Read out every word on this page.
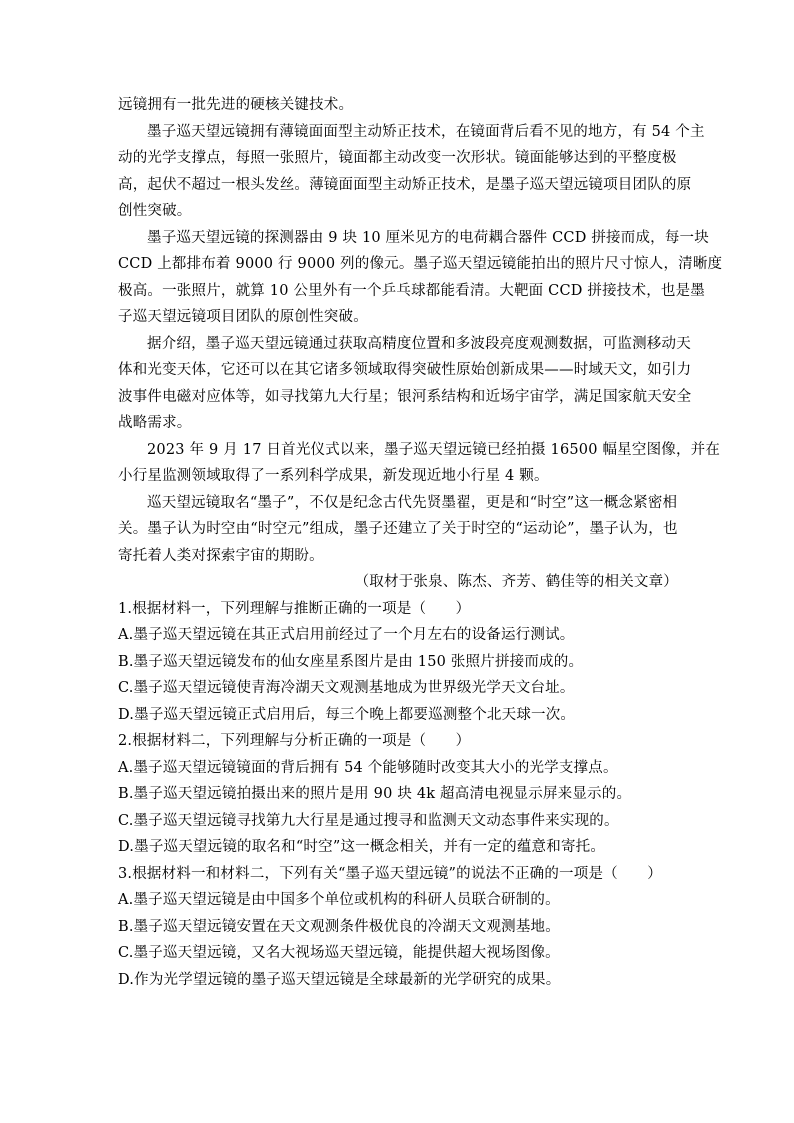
远镜拥有一批先进的硬核关键技术。
墨子巡天望远镜拥有薄镜面面型主动矫正技术，在镜面背后看不见的地方，有 54 个主
动的光学支撑点，每照一张照片，镜面都主动改变一次形状。镜面能够达到的平整度极
高，起伏不超过一根头发丝。薄镜面面型主动矫正技术，是墨子巡天望远镜项目团队的原
创性突破。
墨子巡天望远镜的探测器由 9 块 10 厘米见方的电荷耦合器件 CCD 拼接而成，每一块
CCD 上都排布着 9000 行 9000 列的像元。墨子巡天望远镜能拍出的照片尺寸惊人，清晰度
极高。一张照片，就算 10 公里外有一个乒乓球都能看清。大靶面 CCD 拼接技术，也是墨
子巡天望远镜项目团队的原创性突破。
据介绍，墨子巡天望远镜通过获取高精度位置和多波段亮度观测数据，可监测移动天
体和光变天体，它还可以在其它诸多领域取得突破性原始创新成果——时域天文，如引力
波事件电磁对应体等，如寻找第九大行星；银河系结构和近场宇宙学，满足国家航天安全
战略需求。
2023 年 9 月 17 日首光仪式以来，墨子巡天望远镜已经拍摄 16500 幅星空图像，并在
小行星监测领域取得了一系列科学成果，新发现近地小行星 4 颗。
巡天望远镜取名“墨子”，不仅是纪念古代先贤墨翟，更是和“时空”这一概念紧密相
关。墨子认为时空由“时空元”组成，墨子还建立了关于时空的“运动论”，墨子认为，也
寄托着人类对探索宇宙的期盼。
（取材于张泉、陈杰、齐芳、鹤佳等的相关文章）
1.根据材料一，下列理解与推断正确的一项是（　　）
A.墨子巡天望远镜在其正式启用前经过了一个月左右的设备运行测试。
B.墨子巡天望远镜发布的仙女座星系图片是由 150 张照片拼接而成的。
C.墨子巡天望远镜使青海冷湖天文观测基地成为世界级光学天文台址。
D.墨子巡天望远镜正式启用后，每三个晚上都要巡测整个北天球一次。
2.根据材料二，下列理解与分析正确的一项是（　　）
A.墨子巡天望远镜镜面的背后拥有 54 个能够随时改变其大小的光学支撑点。
B.墨子巡天望远镜拍摄出来的照片是用 90 块 4k 超高清电视显示屏来显示的。
C.墨子巡天望远镜寻找第九大行星是通过搜寻和监测天文动态事件来实现的。
D.墨子巡天望远镜的取名和“时空”这一概念相关，并有一定的蕴意和寄托。
3.根据材料一和材料二，下列有关“墨子巡天望远镜”的说法不正确的一项是（　　）
A.墨子巡天望远镜是由中国多个单位或机构的科研人员联合研制的。
B.墨子巡天望远镜安置在天文观测条件极优良的冷湖天文观测基地。
C.墨子巡天望远镜，又名大视场巡天望远镜，能提供超大视场图像。
D.作为光学望远镜的墨子巡天望远镜是全球最新的光学研究的成果。
